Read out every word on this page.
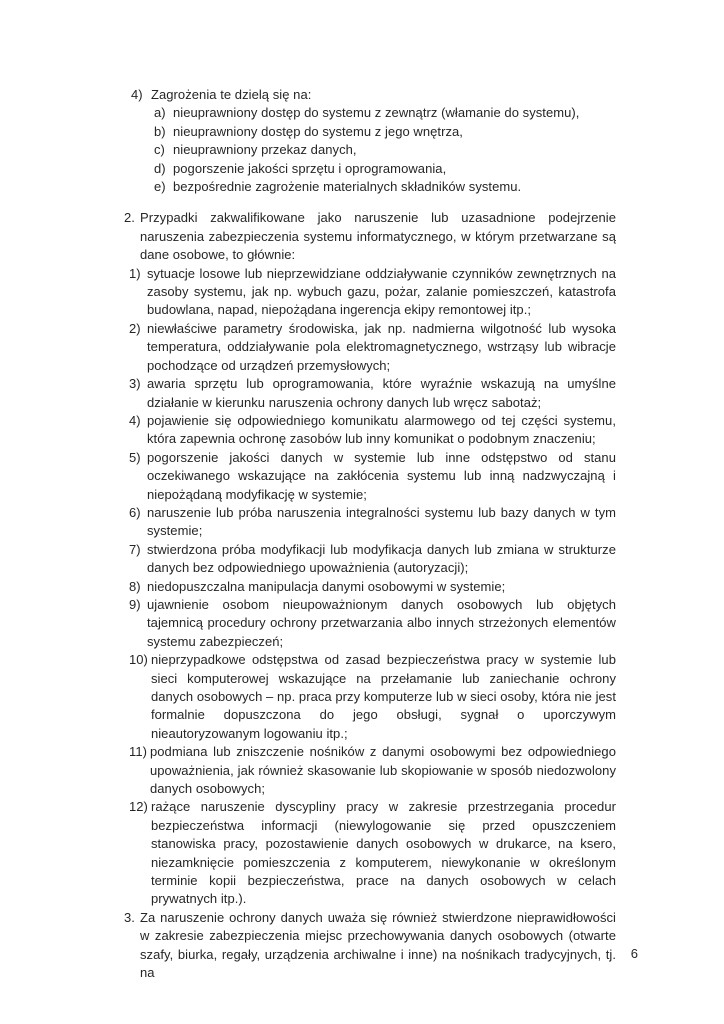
4) Zagrożenia te dzielą się na:
a) nieuprawniony dostęp do systemu z zewnątrz (włamanie do systemu),
b) nieuprawniony dostęp do systemu z jego wnętrza,
c) nieuprawniony przekaz danych,
d) pogorszenie jakości sprzętu i oprogramowania,
e) bezpośrednie zagrożenie materialnych składników systemu.
2. Przypadki zakwalifikowane jako naruszenie lub uzasadnione podejrzenie naruszenia zabezpieczenia systemu informatycznego, w którym przetwarzane są dane osobowe, to głównie:
1) sytuacje losowe lub nieprzewidziane oddziaływanie czynników zewnętrznych na zasoby systemu, jak np. wybuch gazu, pożar, zalanie pomieszczeń, katastrofa budowlana, napad, niepożądana ingerencja ekipy remontowej itp.;
2) niewłaściwe parametry środowiska, jak np. nadmierna wilgotność lub wysoka temperatura, oddziaływanie pola elektromagnetycznego, wstrząsy lub wibracje pochodzące od urządzeń przemysłowych;
3) awaria sprzętu lub oprogramowania, które wyraźnie wskazują na umyślne działanie w kierunku naruszenia ochrony danych lub wręcz sabotaż;
4) pojawienie się odpowiedniego komunikatu alarmowego od tej części systemu, która zapewnia ochronę zasobów lub inny komunikat o podobnym znaczeniu;
5) pogorszenie jakości danych w systemie lub inne odstępstwo od stanu oczekiwanego wskazujące na zakłócenia systemu lub inną nadzwyczajną i niepożądaną modyfikację w systemie;
6) naruszenie lub próba naruszenia integralności systemu lub bazy danych w tym systemie;
7) stwierdzona próba modyfikacji lub modyfikacja danych lub zmiana w strukturze danych bez odpowiedniego upoważnienia (autoryzacji);
8) niedopuszczalna manipulacja danymi osobowymi w systemie;
9) ujawnienie osobom nieupoważnionym danych osobowych lub objętych tajemnicą procedury ochrony przetwarzania albo innych strzeżonych elementów systemu zabezpieczeń;
10) nieprzypadkowe odstępstwa od zasad bezpieczeństwa pracy w systemie lub sieci komputerowej wskazujące na przełamanie lub zaniechanie ochrony danych osobowych – np. praca przy komputerze lub w sieci osoby, która nie jest formalnie dopuszczona do jego obsługi, sygnał o uporczywym nieautoryzowanym logowaniu itp.;
11) podmiana lub zniszczenie nośników z danymi osobowymi bez odpowiedniego upoważnienia, jak również skasowanie lub skopiowanie w sposób niedozwolony danych osobowych;
12) rażące naruszenie dyscypliny pracy w zakresie przestrzegania procedur bezpieczeństwa informacji (niewylogowanie się przed opuszczeniem stanowiska pracy, pozostawienie danych osobowych w drukarce, na ksero, niezamknięcie pomieszczenia z komputerem, niewykonanie w określonym terminie kopii bezpieczeństwa, prace na danych osobowych w celach prywatnych itp.).
3. Za naruszenie ochrony danych uważa się również stwierdzone nieprawidłowości w zakresie zabezpieczenia miejsc przechowywania danych osobowych (otwarte szafy, biurka, regały, urządzenia archiwalne i inne) na nośnikach tradycyjnych, tj. na
6
